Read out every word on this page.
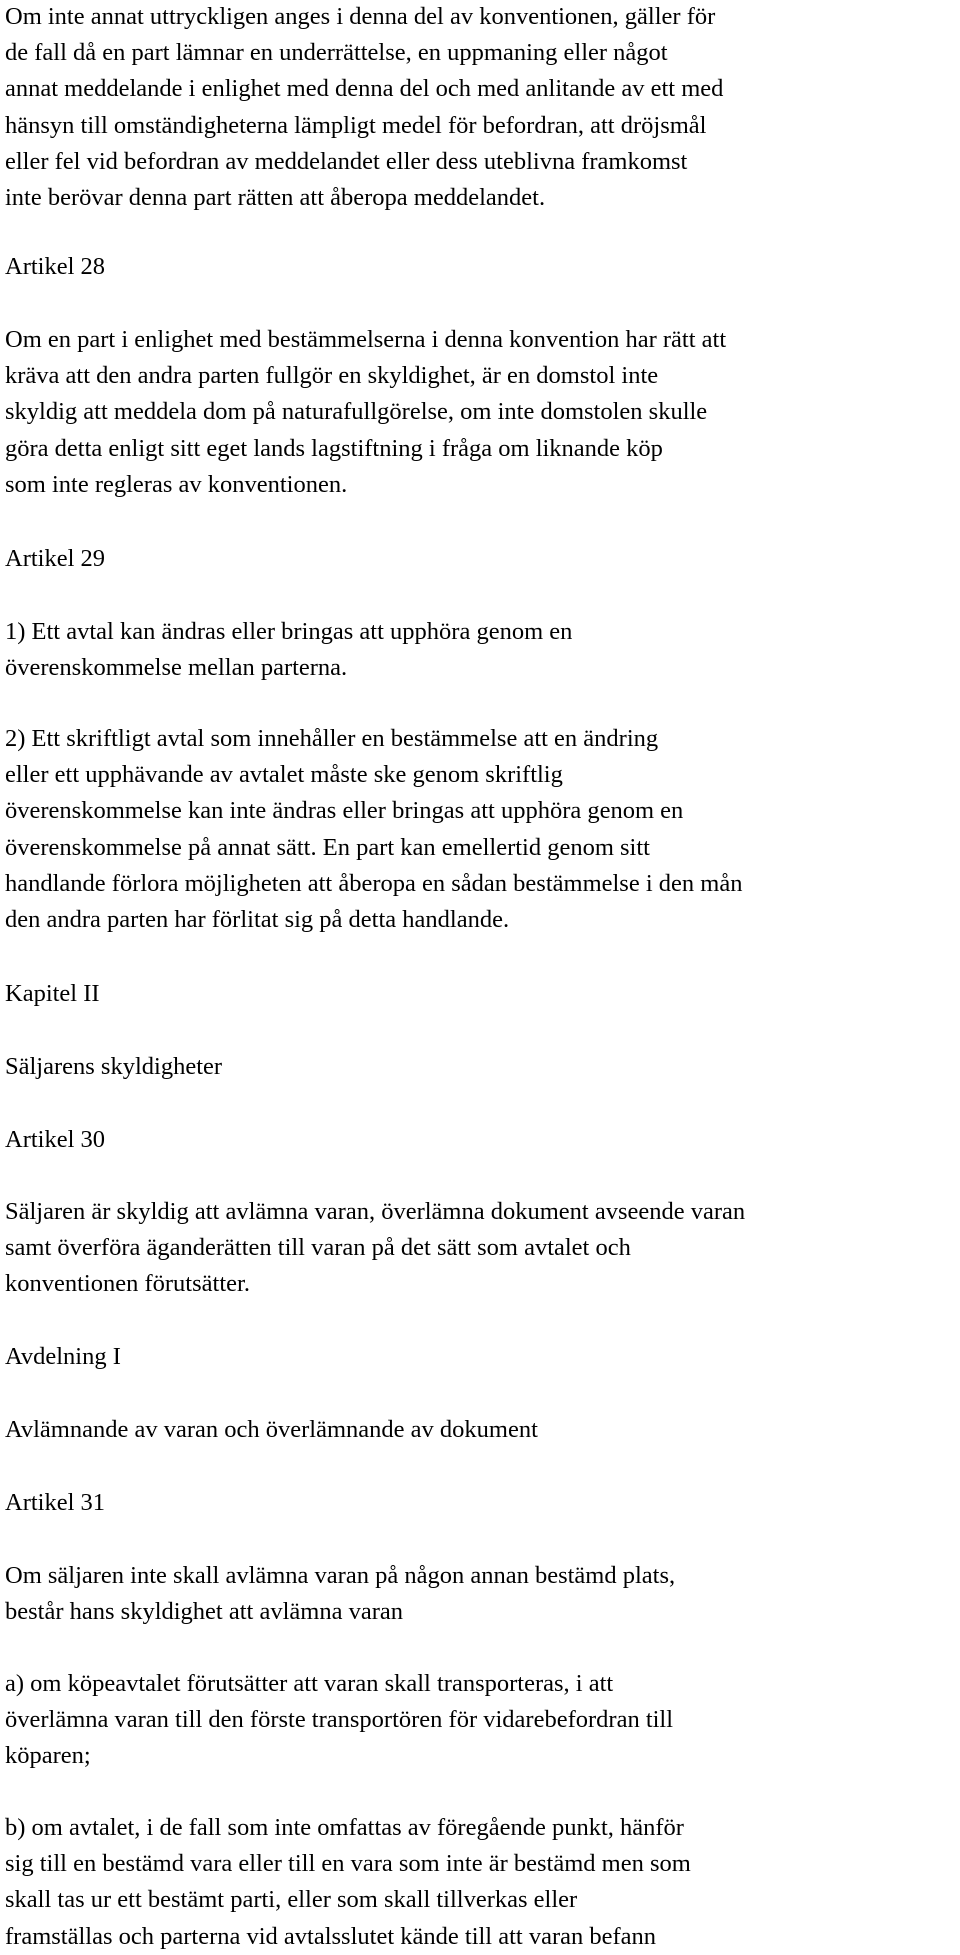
Om inte annat uttryckligen anges i denna del av konventionen, gäller för
de fall då en part lämnar en underrättelse, en uppmaning eller något
annat meddelande i enlighet med denna del och med anlitande av ett med
hänsyn till omständigheterna lämpligt medel för befordran, att dröjsmål
eller fel vid befordran av meddelandet eller dess uteblivna framkomst
inte berövar denna part rätten att åberopa meddelandet.
Artikel 28
Om en part i enlighet med bestämmelserna i denna konvention har rätt att
kräva att den andra parten fullgör en skyldighet, är en domstol inte
skyldig att meddela dom på naturafullgörelse, om inte domstolen skulle
göra detta enligt sitt eget lands lagstiftning i fråga om liknande köp
som inte regleras av konventionen.
Artikel 29
1) Ett avtal kan ändras eller bringas att upphöra genom en
överenskommelse mellan parterna.
2) Ett skriftligt avtal som innehåller en bestämmelse att en ändring
eller ett upphävande av avtalet måste ske genom skriftlig
överenskommelse kan inte ändras eller bringas att upphöra genom en
överenskommelse på annat sätt. En part kan emellertid genom sitt
handlande förlora möjligheten att åberopa en sådan bestämmelse i den mån
den andra parten har förlitat sig på detta handlande.
Kapitel II
Säljarens skyldigheter
Artikel 30
Säljaren är skyldig att avlämna varan, överlämna dokument avseende varan
samt överföra äganderätten till varan på det sätt som avtalet och
konventionen förutsätter.
Avdelning I
Avlämnande av varan och överlämnande av dokument
Artikel 31
Om säljaren inte skall avlämna varan på någon annan bestämd plats,
består hans skyldighet att avlämna varan
a) om köpeavtalet förutsätter att varan skall transporteras, i att
överlämna varan till den förste transportören för vidarebefordran till
köparen;
b) om avtalet, i de fall som inte omfattas av föregående punkt, hänför
sig till en bestämd vara eller till en vara som inte är bestämd men som
skall tas ur ett bestämt parti, eller som skall tillverkas eller
framställas och parterna vid avtalsslutet kände till att varan befann
